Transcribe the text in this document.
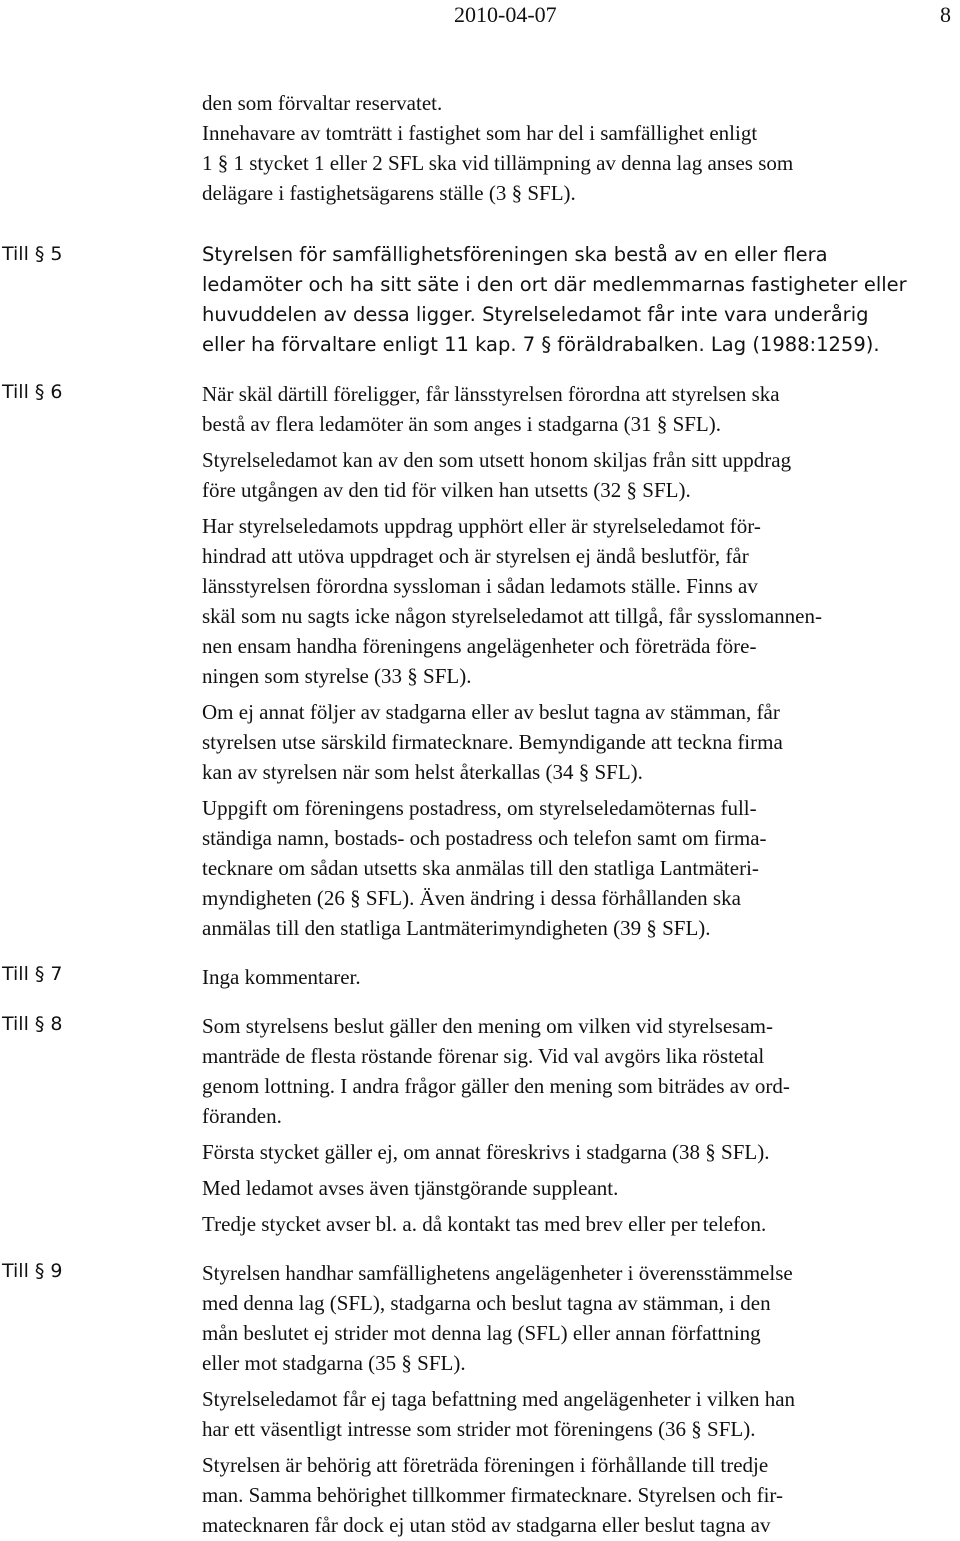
2010-04-07	8
Till § 5
Till § 6
Till § 7
Till § 8
Till § 9

den som förvaltar reservatet.

Innehavare av tomträtt i fastighet som har del i samfällighet enligt
1 § 1 stycket 1 eller 2 SFL ska vid tillämpning av denna lag anses som
delägare i fastighetsägarens ställe (3 § SFL).

Styrelsen för samfällighetsföreningen ska bestå av en eller flera
ledamöter och ha sitt säte i den ort där medlemmarnas fastigheter eller
huvuddelen av dessa ligger. Styrelseledamot får inte vara underårig
eller ha förvaltare enligt 11 kap. 7 § föräldrabalken. Lag (1988:1259).

När skäl därtill föreligger, får länsstyrelsen förordna att styrelsen ska
bestå av flera ledamöter än som anges i stadgarna (31 § SFL).

Styrelseledamot kan av den som utsett honom skiljas från sitt uppdrag
före utgången av den tid för vilken han utsetts (32 § SFL).

Har styrelseledamots uppdrag upphört eller är styrelseledamot för-
hindrad att utöva uppdraget och är styrelsen ej ändå beslutför, får
länsstyrelsen förordna syssloman i sådan ledamots ställe. Finns av
skäl som nu sagts icke någon styrelseledamot att tillgå, får sysslomannen-
nen ensam handha föreningens angelägenheter och företräda före-
ningen som styrelse (33 § SFL).

Om ej annat följer av stadgarna eller av beslut tagna av stämman, får
styrelsen utse särskild firmatecknare. Bemyndigande att teckna firma
kan av styrelsen när som helst återkallas (34 § SFL).

Uppgift om föreningens postadress, om styrelseledamöternas full-
ständiga namn, bostads- och postadress och telefon samt om firma-
tecknare om sådan utsetts ska anmälas till den statliga Lantmäteri-
myndigheten (26 § SFL). Även ändring i dessa förhållanden ska
anmälas till den statliga Lantmäterimyndigheten (39 § SFL).

Inga kommentarer.

Som styrelsens beslut gäller den mening om vilken vid styrelsesam-
manträde de flesta röstande förenar sig. Vid val avgörs lika röstetal
genom lottning. I andra frågor gäller den mening som biträdes av ord-
föranden.

Första stycket gäller ej, om annat föreskrivs i stadgarna (38 § SFL).

Med ledamot avses även tjänstgörande suppleant.

Tredje stycket avser bl. a. då kontakt tas med brev eller per telefon.

Styrelsen handhar samfällighetens angelägenheter i överensstämmelse
med denna lag (SFL), stadgarna och beslut tagna av stämman, i den
mån beslutet ej strider mot denna lag (SFL) eller annan författning
eller mot stadgarna (35 § SFL).

Styrelseledamot får ej taga befattning med angelägenheter i vilken han
har ett väsentligt intresse som strider mot föreningens (36 § SFL).

Styrelsen är behörig att företräda föreningen i förhållande till tredje
man. Samma behörighet tillkommer firmatecknare. Styrelsen och fir-
matecknaren får dock ej utan stöd av stadgarna eller beslut tagna av
